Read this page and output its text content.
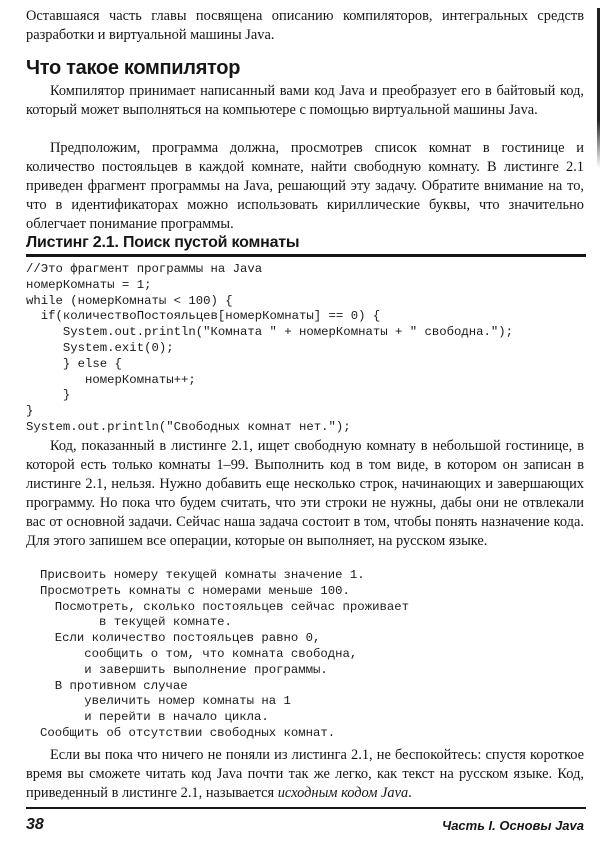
Оставшаяся часть главы посвящена описанию компиляторов, интегральных средств разработки и виртуальной машины Java.

Что такое компилятор

Компилятор принимает написанный вами код Java и преобразует его в байтовый код, который может выполняться на компьютере с помощью виртуальной машины Java.

Предположим, программа должна, просмотрев список комнат в гостинице и количество постояльцев в каждой комнате, найти свободную комнату. В листинге 2.1 приведен фрагмент программы на Java, решающий эту задачу. Обратите внимание на то, что в идентификаторах можно использовать кириллические буквы, что значительно облегчает понимание программы.

Листинг 2.1. Поиск пустой комнаты
//Это фрагмент программы на Java
номерКомнаты = 1;
while (номерКомнаты < 100) {
if(количествоПостояльцев[номерКомнаты] == 0) {
System.out.println("Комната " + номерКомнаты + " свободна.");
System.exit(0);
} else {
номерКомнаты++;
}
}
System.out.println("Свободных комнат нет.");

Код, показанный в листинге 2.1, ищет свободную комнату в небольшой гостинице, в которой есть только комнаты 1–99. Выполнить код в том виде, в котором он записан в листинге 2.1, нельзя. Нужно добавить еще несколько строк, начинающих и завершающих программу. Но пока что будем считать, что эти строки не нужны, дабы они не отвлекали вас от основной задачи. Сейчас наша задача состоит в том, чтобы понять назначение кода. Для этого запишем все операции, которые он выполняет, на русском языке.

Присвоить номеру текущей комнаты значение 1.
Просмотреть комнаты с номерами меньше 100.
Посмотреть, сколько постояльцев сейчас проживает
в текущей комнате.
Если количество постояльцев равно 0,
сообщить о том, что комната свободна,
и завершить выполнение программы.
В противном случае
увеличить номер комнаты на 1
и перейти в начало цикла.
Сообщить об отсутствии свободных комнат.

Если вы пока что ничего не поняли из листинга 2.1, не беспокойтесь: спустя короткое время вы сможете читать код Java почти так же легко, как текст на русском языке. Код, приведенный в листинге 2.1, называется исходным кодом Java.

38	Часть I. Основы Java
